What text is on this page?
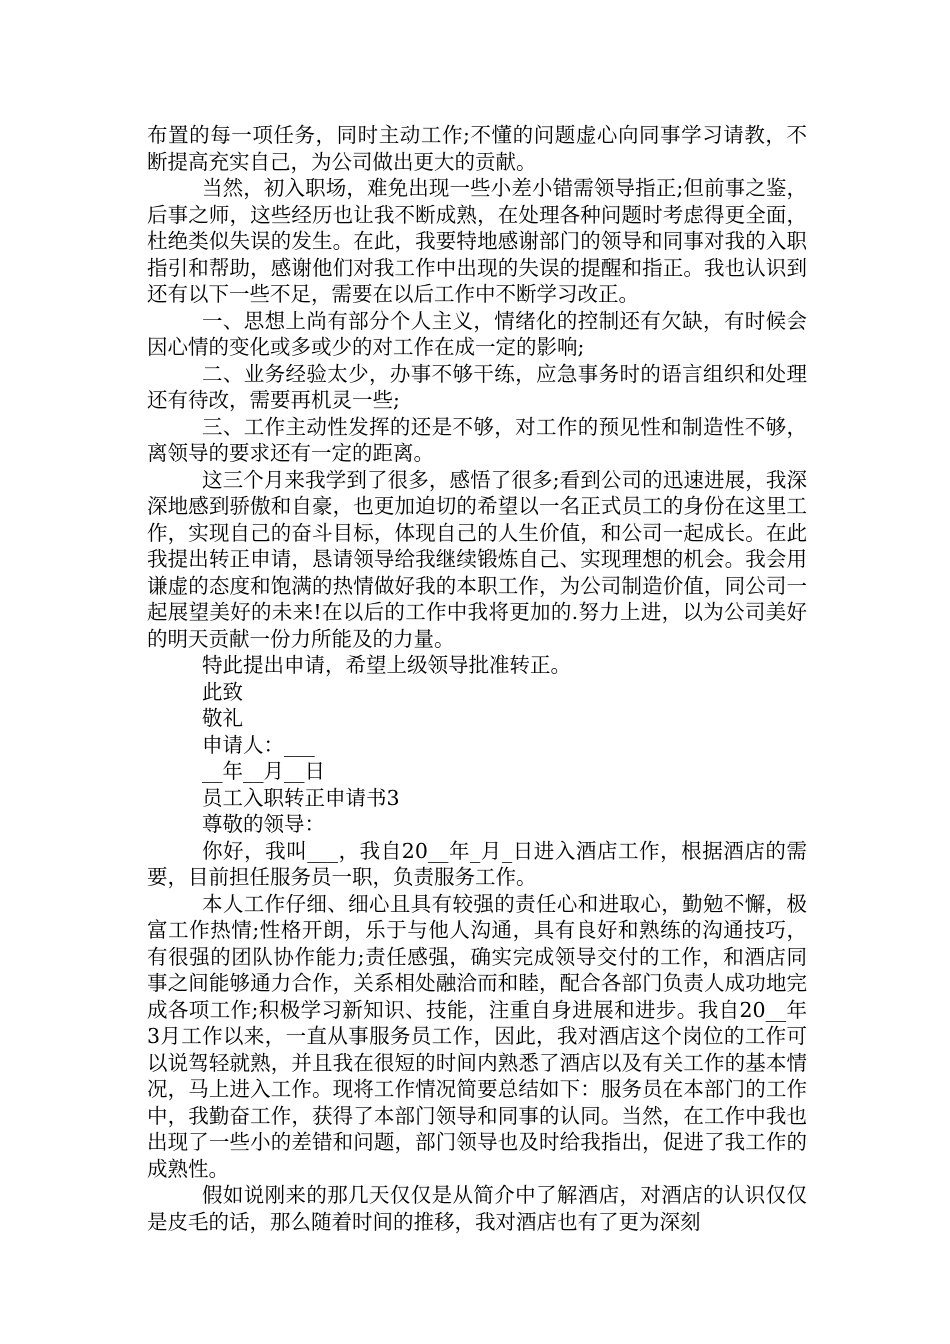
布置的每一项任务，同时主动工作;不懂的问题虚心向同事学习请教，不断提高充实自己，为公司做出更大的贡献。

当然，初入职场，难免出现一些小差小错需领导指正;但前事之鉴，后事之师，这些经历也让我不断成熟，在处理各种问题时考虑得更全面，杜绝类似失误的发生。在此，我要特地感谢部门的领导和同事对我的入职指引和帮助，感谢他们对我工作中出现的失误的提醒和指正。我也认识到还有以下一些不足，需要在以后工作中不断学习改正。

一、思想上尚有部分个人主义，情绪化的控制还有欠缺，有时候会因心情的变化或多或少的对工作在成一定的影响;

二、业务经验太少，办事不够干练，应急事务时的语言组织和处理还有待改，需要再机灵一些;

三、工作主动性发挥的还是不够，对工作的预见性和制造性不够，离领导的要求还有一定的距离。

这三个月来我学到了很多，感悟了很多;看到公司的迅速进展，我深深地感到骄傲和自豪，也更加迫切的希望以一名正式员工的身份在这里工作，实现自己的奋斗目标，体现自己的人生价值，和公司一起成长。在此我提出转正申请，恳请领导给我继续锻炼自己、实现理想的机会。我会用谦虚的态度和饱满的热情做好我的本职工作，为公司制造价值，同公司一起展望美好的未来!在以后的工作中我将更加的.努力上进，以为公司美好的明天贡献一份力所能及的力量。

特此提出申请，希望上级领导批准转正。

此致

敬礼

申请人：___

__年__月__日

员工入职转正申请书3

尊敬的领导：

你好，我叫___，我自20__年_月_日进入酒店工作，根据酒店的需要，目前担任服务员一职，负责服务工作。

本人工作仔细、细心且具有较强的责任心和进取心，勤勉不懈，极富工作热情;性格开朗，乐于与他人沟通，具有良好和熟练的沟通技巧，有很强的团队协作能力;责任感强，确实完成领导交付的工作，和酒店同事之间能够通力合作，关系相处融洽而和睦，配合各部门负责人成功地完成各项工作;积极学习新知识、技能，注重自身进展和进步。我自20__年3月工作以来，一直从事服务员工作，因此，我对酒店这个岗位的工作可以说驾轻就熟，并且我在很短的时间内熟悉了酒店以及有关工作的基本情况，马上进入工作。现将工作情况简要总结如下：服务员在本部门的工作中，我勤奋工作，获得了本部门领导和同事的认同。当然，在工作中我也出现了一些小的差错和问题，部门领导也及时给我指出，促进了我工作的成熟性。

假如说刚来的那几天仅仅是从简介中了解酒店，对酒店的认识仅仅是皮毛的话，那么随着时间的推移，我对酒店也有了更为深刻
